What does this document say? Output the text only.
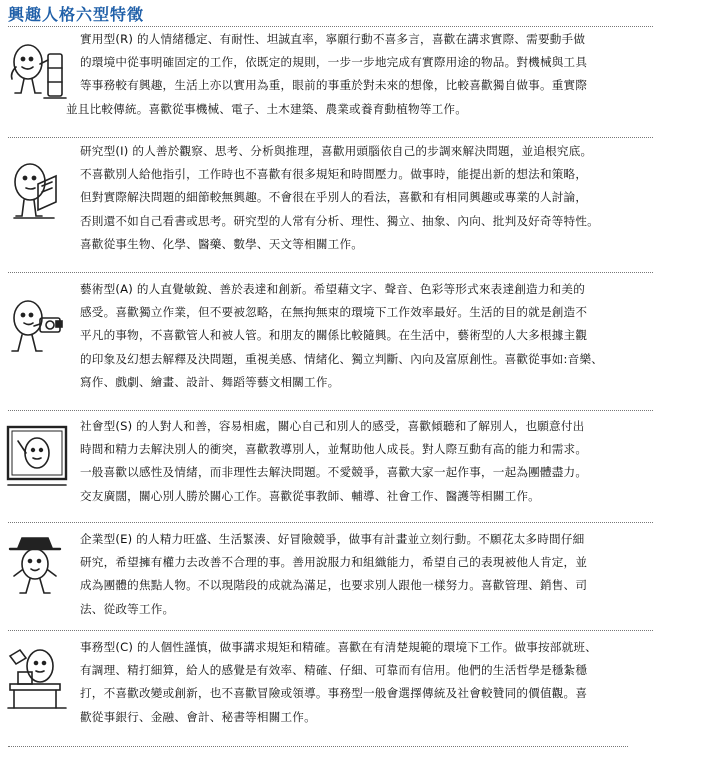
興趣人格六型特徵

實用型(R) 的人情緒穩定、有耐性、坦誠直率，寧願行動不喜多言，喜歡在講求實際、需要動手做
的環境中從事明確固定的工作，依既定的規則，一步一步地完成有實際用途的物品。對機械與工具
等事務較有興趣，生活上亦以實用為重，眼前的事重於對未來的想像，比較喜歡獨自做事。重實際

並且比較傳統。喜歡從事機械、電子、土木建築、農業或養育動植物等工作。

研究型(I) 的人善於觀察、思考、分析與推理，喜歡用頭腦依自己的步調來解決問題，並追根究底。
不喜歡別人給他指引，工作時也不喜歡有很多規矩和時間壓力。做事時，能提出新的想法和策略，
但對實際解決問題的細節較無興趣。不會很在乎別人的看法，喜歡和有相同興趣或專業的人討論，
否則還不如自己看書或思考。研究型的人常有分析、理性、獨立、抽象、內向、批判及好奇等特性。
喜歡從事生物、化學、醫藥、數學、天文等相關工作。

藝術型(A) 的人直覺敏銳、善於表達和創新。希望藉文字、聲音、色彩等形式來表達創造力和美的
感受。喜歡獨立作業，但不要被忽略，在無拘無束的環境下工作效率最好。生活的目的就是創造不
平凡的事物，不喜歡管人和被人管。和朋友的關係比較隨興。在生活中，藝術型的人大多根據主觀
的印象及幻想去解釋及決問題，重視美感、情緒化、獨立判斷、內向及富原創性。喜歡從事如:音樂、
寫作、戲劇、繪畫、設計、舞蹈等藝文相關工作。

社會型(S) 的人對人和善，容易相處，關心自己和別人的感受，喜歡傾聽和了解別人，也願意付出
時間和精力去解決別人的衝突，喜歡教導別人，並幫助他人成長。對人際互動有高的能力和需求。
一般喜歡以感性及情緒，而非理性去解決問題。不愛競爭，喜歡大家一起作事，一起為團體盡力。
交友廣闊，關心別人勝於關心工作。喜歡從事教師、輔導、社會工作、醫護等相關工作。

企業型(E) 的人精力旺盛、生活緊湊、好冒險競爭，做事有計畫並立刻行動。不願花太多時間仔細
研究，希望擁有權力去改善不合理的事。善用說服力和組織能力，希望自己的表現被他人肯定，並
成為團體的焦點人物。不以現階段的成就為滿足，也要求別人跟他一樣努力。喜歡管理、銷售、司
法、從政等工作。

事務型(C) 的人個性謹慎，做事講求規矩和精確。喜歡在有清楚規範的環境下工作。做事按部就班、
有調理、精打細算，給人的感覺是有效率、精確、仔細、可靠而有信用。他們的生活哲學是穩紮穩
打，不喜歡改變或創新，也不喜歡冒險或領導。事務型一般會選擇傳統及社會較贊同的價值觀。喜
歡從事銀行、金融、會計、秘書等相關工作。
